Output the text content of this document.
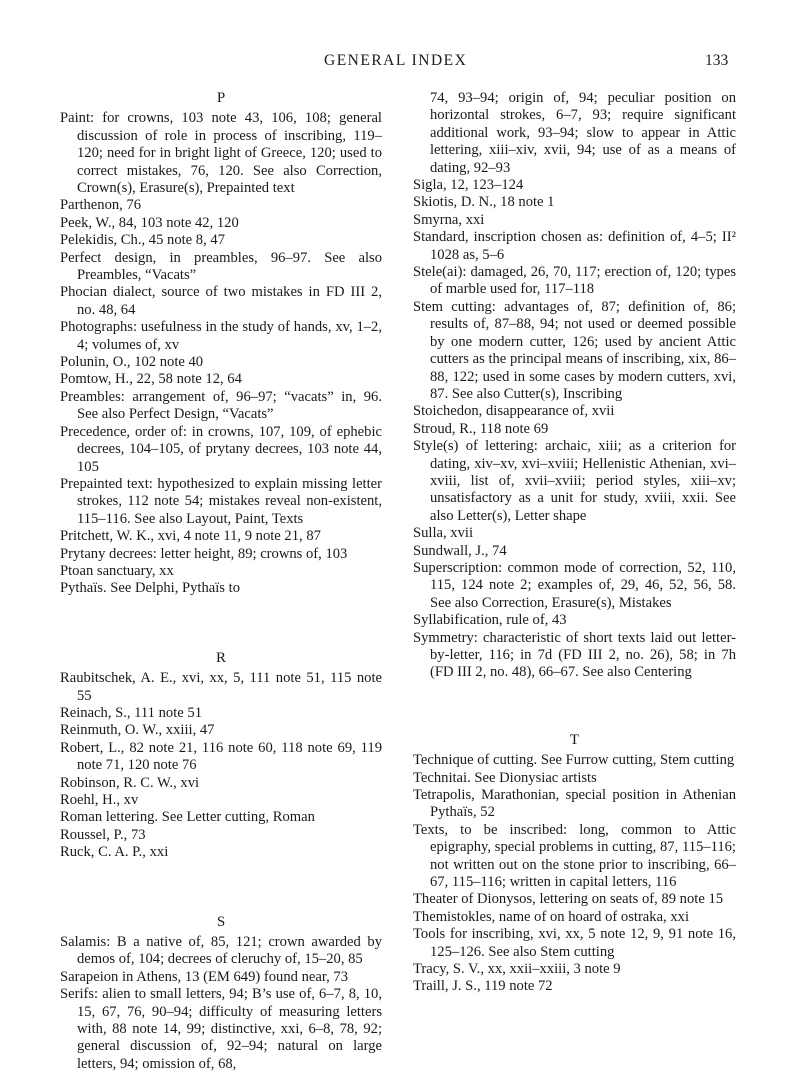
GENERAL INDEX	133
P

Paint: for crowns, 103 note 43, 106, 108; general discussion of role in process of inscribing, 119–120; need for in bright light of Greece, 120; used to correct mistakes, 76, 120. See also Correction, Crown(s), Erasure(s), Prepainted text

Parthenon, 76

Peek, W., 84, 103 note 42, 120

Pelekidis, Ch., 45 note 8, 47

Perfect design, in preambles, 96–97. See also Preambles, “Vacats”

Phocian dialect, source of two mistakes in FD III 2, no. 48, 64

Photographs: usefulness in the study of hands, xv, 1–2, 4; volumes of, xv

Polunin, O., 102 note 40

Pomtow, H., 22, 58 note 12, 64

Preambles: arrangement of, 96–97; “vacats” in, 96. See also Perfect Design, “Vacats”

Precedence, order of: in crowns, 107, 109, of ephebic decrees, 104–105, of prytany decrees, 103 note 44, 105

Prepainted text: hypothesized to explain missing letter strokes, 112 note 54; mistakes reveal non-existent, 115–116. See also Layout, Paint, Texts

Pritchett, W. K., xvi, 4 note 11, 9 note 21, 87

Prytany decrees: letter height, 89; crowns of, 103

Ptoan sanctuary, xx

Pythaïs. See Delphi, Pythaïs to

R

Raubitschek, A. E., xvi, xx, 5, 111 note 51, 115 note 55

Reinach, S., 111 note 51

Reinmuth, O. W., xxiii, 47

Robert, L., 82 note 21, 116 note 60, 118 note 69, 119 note 71, 120 note 76

Robinson, R. C. W., xvi

Roehl, H., xv

Roman lettering. See Letter cutting, Roman

Roussel, P., 73

Ruck, C. A. P., xxi

S

Salamis: B a native of, 85, 121; crown awarded by demos of, 104; decrees of cleruchy of, 15–20, 85

Sarapeion in Athens, 13 (EM 649) found near, 73

Serifs: alien to small letters, 94; B’s use of, 6–7, 8, 10, 15, 67, 76, 90–94; difficulty of measuring letters with, 88 note 14, 99; distinctive, xxi, 6–8, 78, 92; general discussion of, 92–94; natural on large letters, 94; omission of, 68,

74, 93–94; origin of, 94; peculiar position on horizontal strokes, 6–7, 93; require significant additional work, 93–94; slow to appear in Attic lettering, xiii–xiv, xvii, 94; use of as a means of dating, 92–93

Sigla, 12, 123–124

Skiotis, D. N., 18 note 1

Smyrna, xxi

Standard, inscription chosen as: definition of, 4–5; II² 1028 as, 5–6

Stele(ai): damaged, 26, 70, 117; erection of, 120; types of marble used for, 117–118

Stem cutting: advantages of, 87; definition of, 86; results of, 87–88, 94; not used or deemed possible by one modern cutter, 126; used by ancient Attic cutters as the principal means of inscribing, xix, 86–88, 122; used in some cases by modern cutters, xvi, 87. See also Cutter(s), Inscribing

Stoichedon, disappearance of, xvii

Stroud, R., 118 note 69

Style(s) of lettering: archaic, xiii; as a criterion for dating, xiv–xv, xvi–xviii; Hellenistic Athenian, xvi–xviii, list of, xvii–xviii; period styles, xiii–xv; unsatisfactory as a unit for study, xviii, xxii. See also Letter(s), Letter shape

Sulla, xvii

Sundwall, J., 74

Superscription: common mode of correction, 52, 110, 115, 124 note 2; examples of, 29, 46, 52, 56, 58. See also Correction, Erasure(s), Mistakes

Syllabification, rule of, 43

Symmetry: characteristic of short texts laid out letter-by-letter, 116; in 7d (FD III 2, no. 26), 58; in 7h (FD III 2, no. 48), 66–67. See also Centering

T

Technique of cutting. See Furrow cutting, Stem cutting

Technitai. See Dionysiac artists

Tetrapolis, Marathonian, special position in Athenian Pythaïs, 52

Texts, to be inscribed: long, common to Attic epigraphy, special problems in cutting, 87, 115–116; not written out on the stone prior to inscribing, 66–67, 115–116; written in capital letters, 116

Theater of Dionysos, lettering on seats of, 89 note 15

Themistokles, name of on hoard of ostraka, xxi

Tools for inscribing, xvi, xx, 5 note 12, 9, 91 note 16, 125–126. See also Stem cutting

Tracy, S. V., xx, xxii–xxiii, 3 note 9

Traill, J. S., 119 note 72
